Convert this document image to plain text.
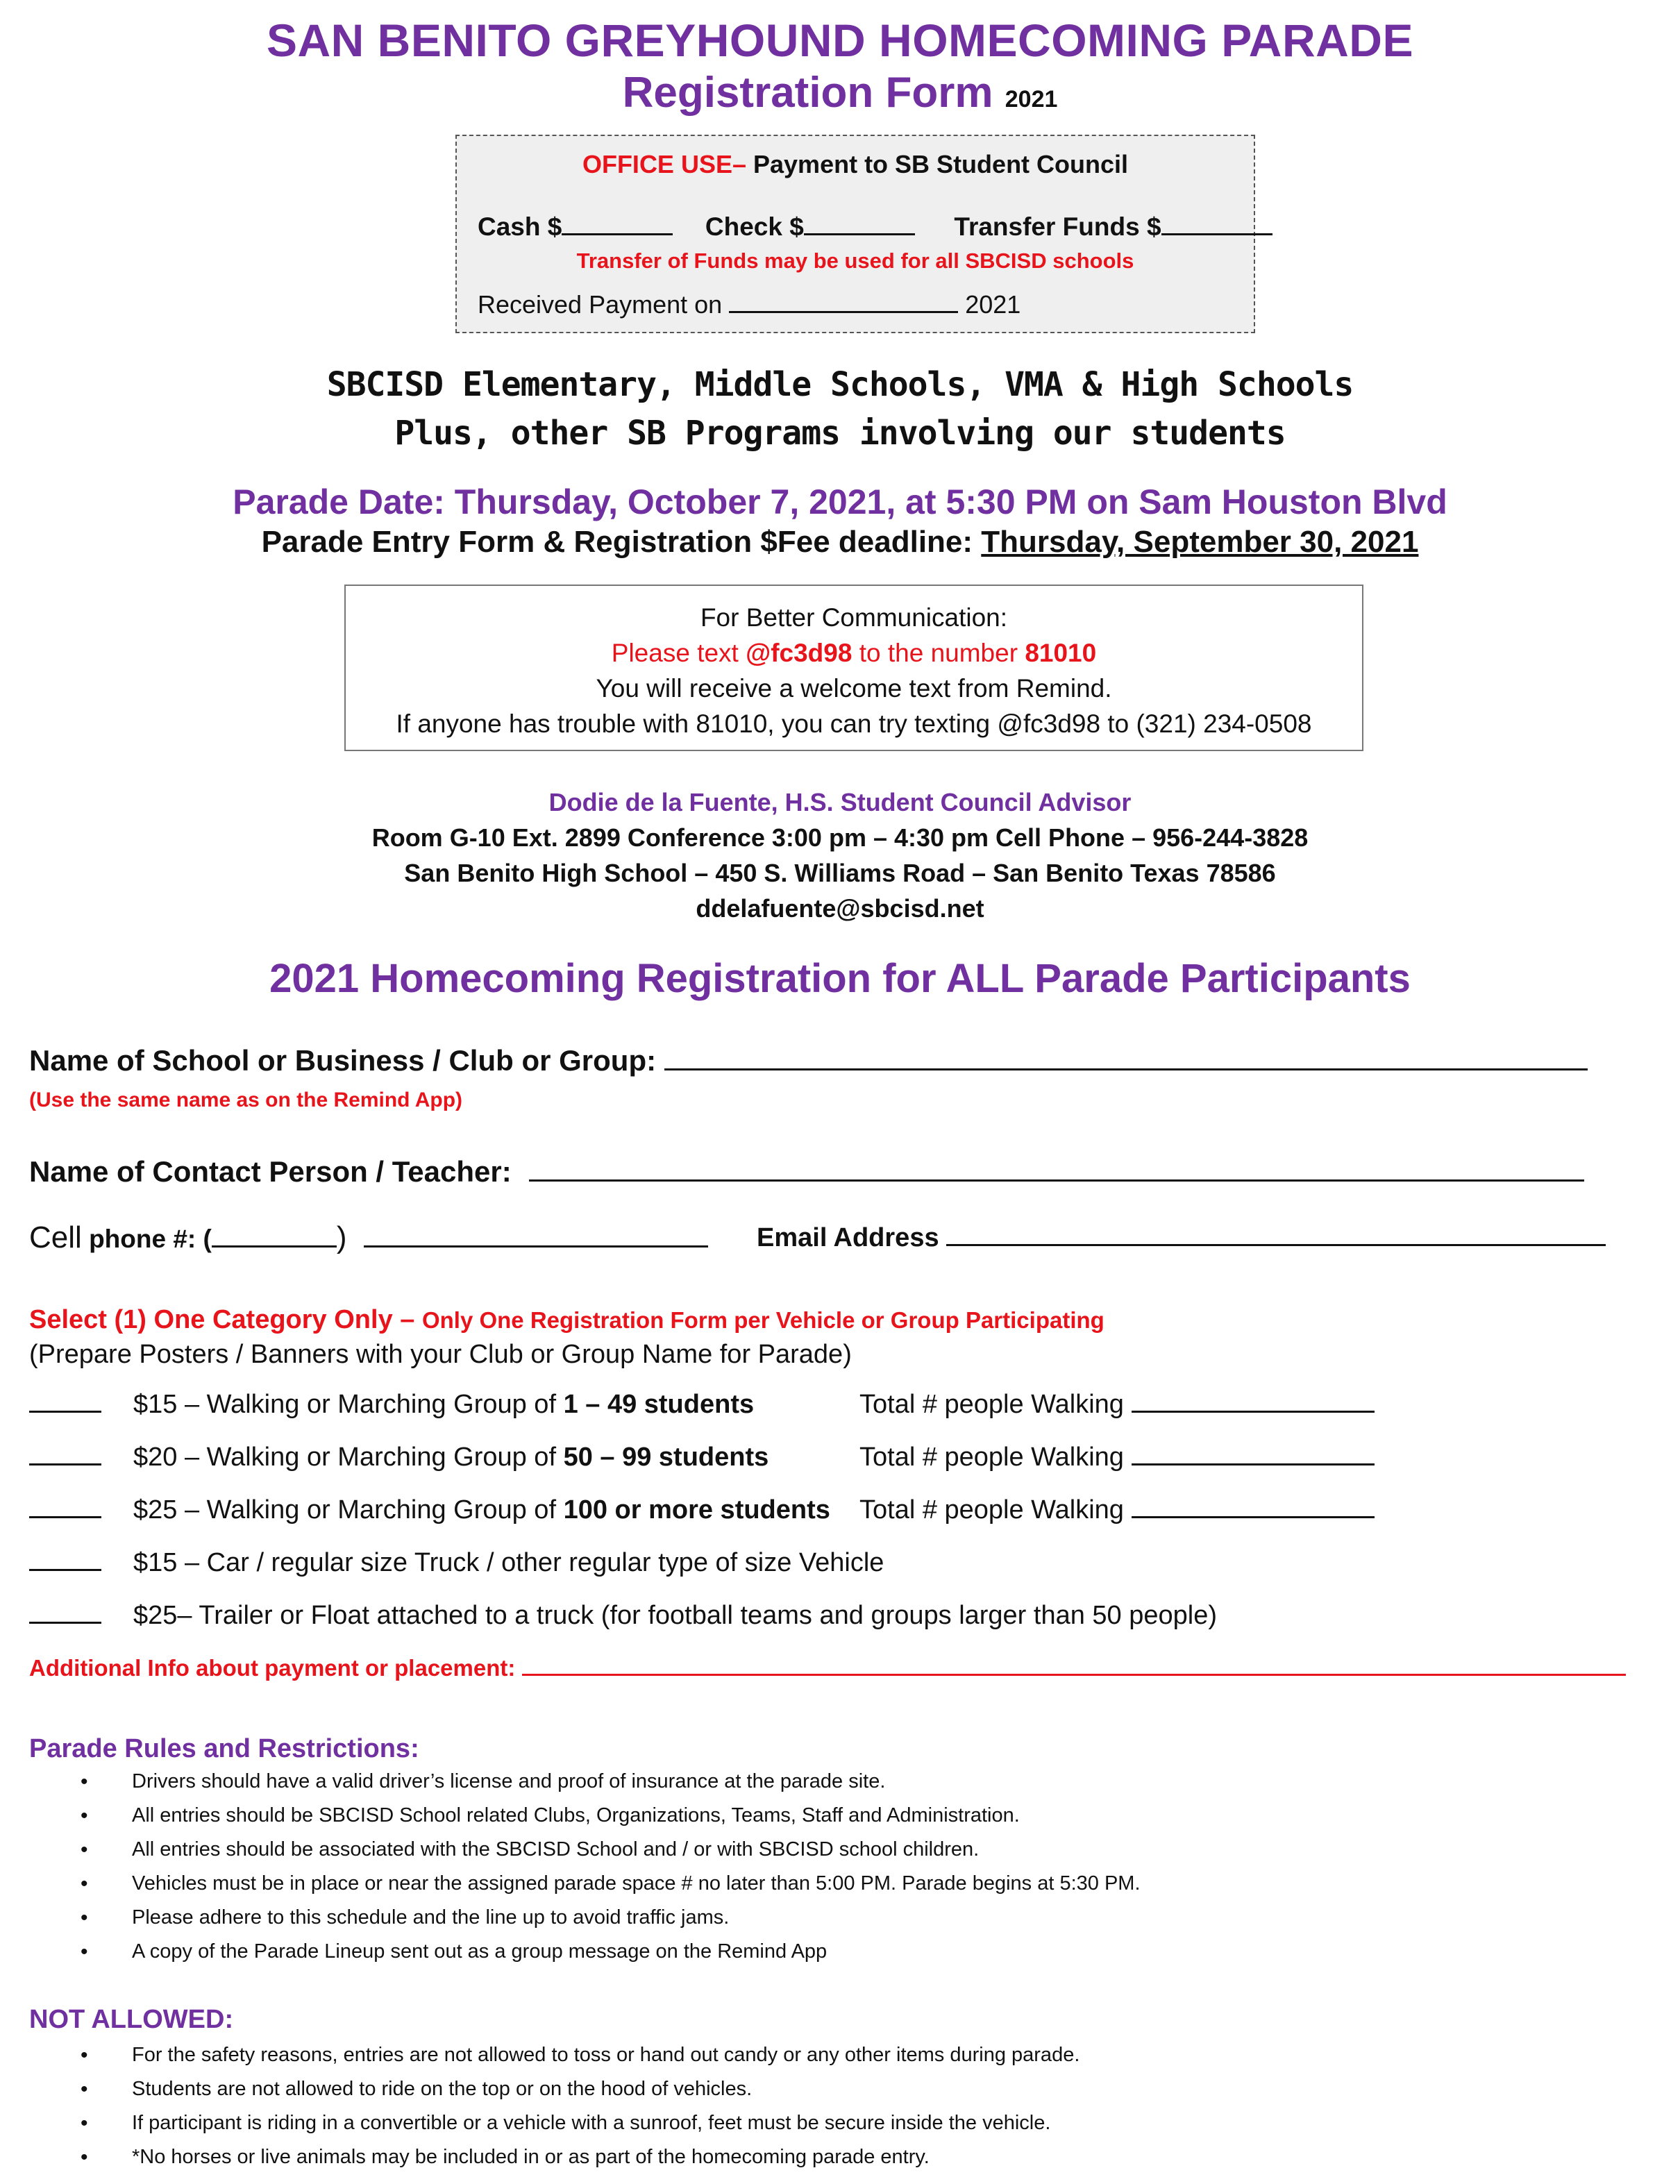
SAN BENITO GREYHOUND HOMECOMING PARADE
Registration Form 2021
OFFICE USE– Payment to SB Student Council
Cash $	Check $	Transfer Funds $
Transfer of Funds may be used for all SBCISD schools
Received Payment on	2021
SBCISD Elementary, Middle Schools, VMA & High Schools
Plus, other SB Programs involving our students
Parade Date: Thursday, October 7, 2021, at 5:30 PM on Sam Houston Blvd
Parade Entry Form & Registration $Fee deadline: Thursday, September 30, 2021
For Better Communication:
Please text @fc3d98 to the number 81010
You will receive a welcome text from Remind.
If anyone has trouble with 81010, you can try texting @fc3d98 to (321) 234-0508
Dodie de la Fuente, H.S. Student Council Advisor
Room G-10 Ext. 2899 Conference 3:00 pm – 4:30 pm Cell Phone – 956-244-3828
San Benito High School – 450 S. Williams Road – San Benito Texas 78586
ddelafuente@sbcisd.net
2021 Homecoming Registration for ALL Parade Participants
Name of School or Business / Club or Group:
(Use the same name as on the Remind App)
Name of Contact Person / Teacher:
Cell phone #: (	)	Email Address
Select (1) One Category Only – Only One Registration Form per Vehicle or Group Participating
(Prepare Posters / Banners with your Club or Group Name for Parade)
$15 – Walking or Marching Group of 1 – 49 students	Total # people Walking
$20 – Walking or Marching Group of 50 – 99 students	Total # people Walking
$25 – Walking or Marching Group of 100 or more students Total # people Walking
$15 – Car / regular size Truck / other regular type of size Vehicle
$25– Trailer or Float attached to a truck (for football teams and groups larger than 50 people)
Additional Info about payment or placement:
Parade Rules and Restrictions:
• Drivers should have a valid driver’s license and proof of insurance at the parade site.
• All entries should be SBCISD School related Clubs, Organizations, Teams, Staff and Administration.
• All entries should be associated with the SBCISD School and / or with SBCISD school children.
• Vehicles must be in place or near the assigned parade space # no later than 5:00 PM. Parade begins at 5:30 PM.
• Please adhere to this schedule and the line up to avoid traffic jams.
• A copy of the Parade Lineup sent out as a group message on the Remind App
NOT ALLOWED:
• For the safety reasons, entries are not allowed to toss or hand out candy or any other items during parade.
• Students are not allowed to ride on the top or on the hood of vehicles.
• If participant is riding in a convertible or a vehicle with a sunroof, feet must be secure inside the vehicle.
• *No horses or live animals may be included in or as part of the homecoming parade entry.
